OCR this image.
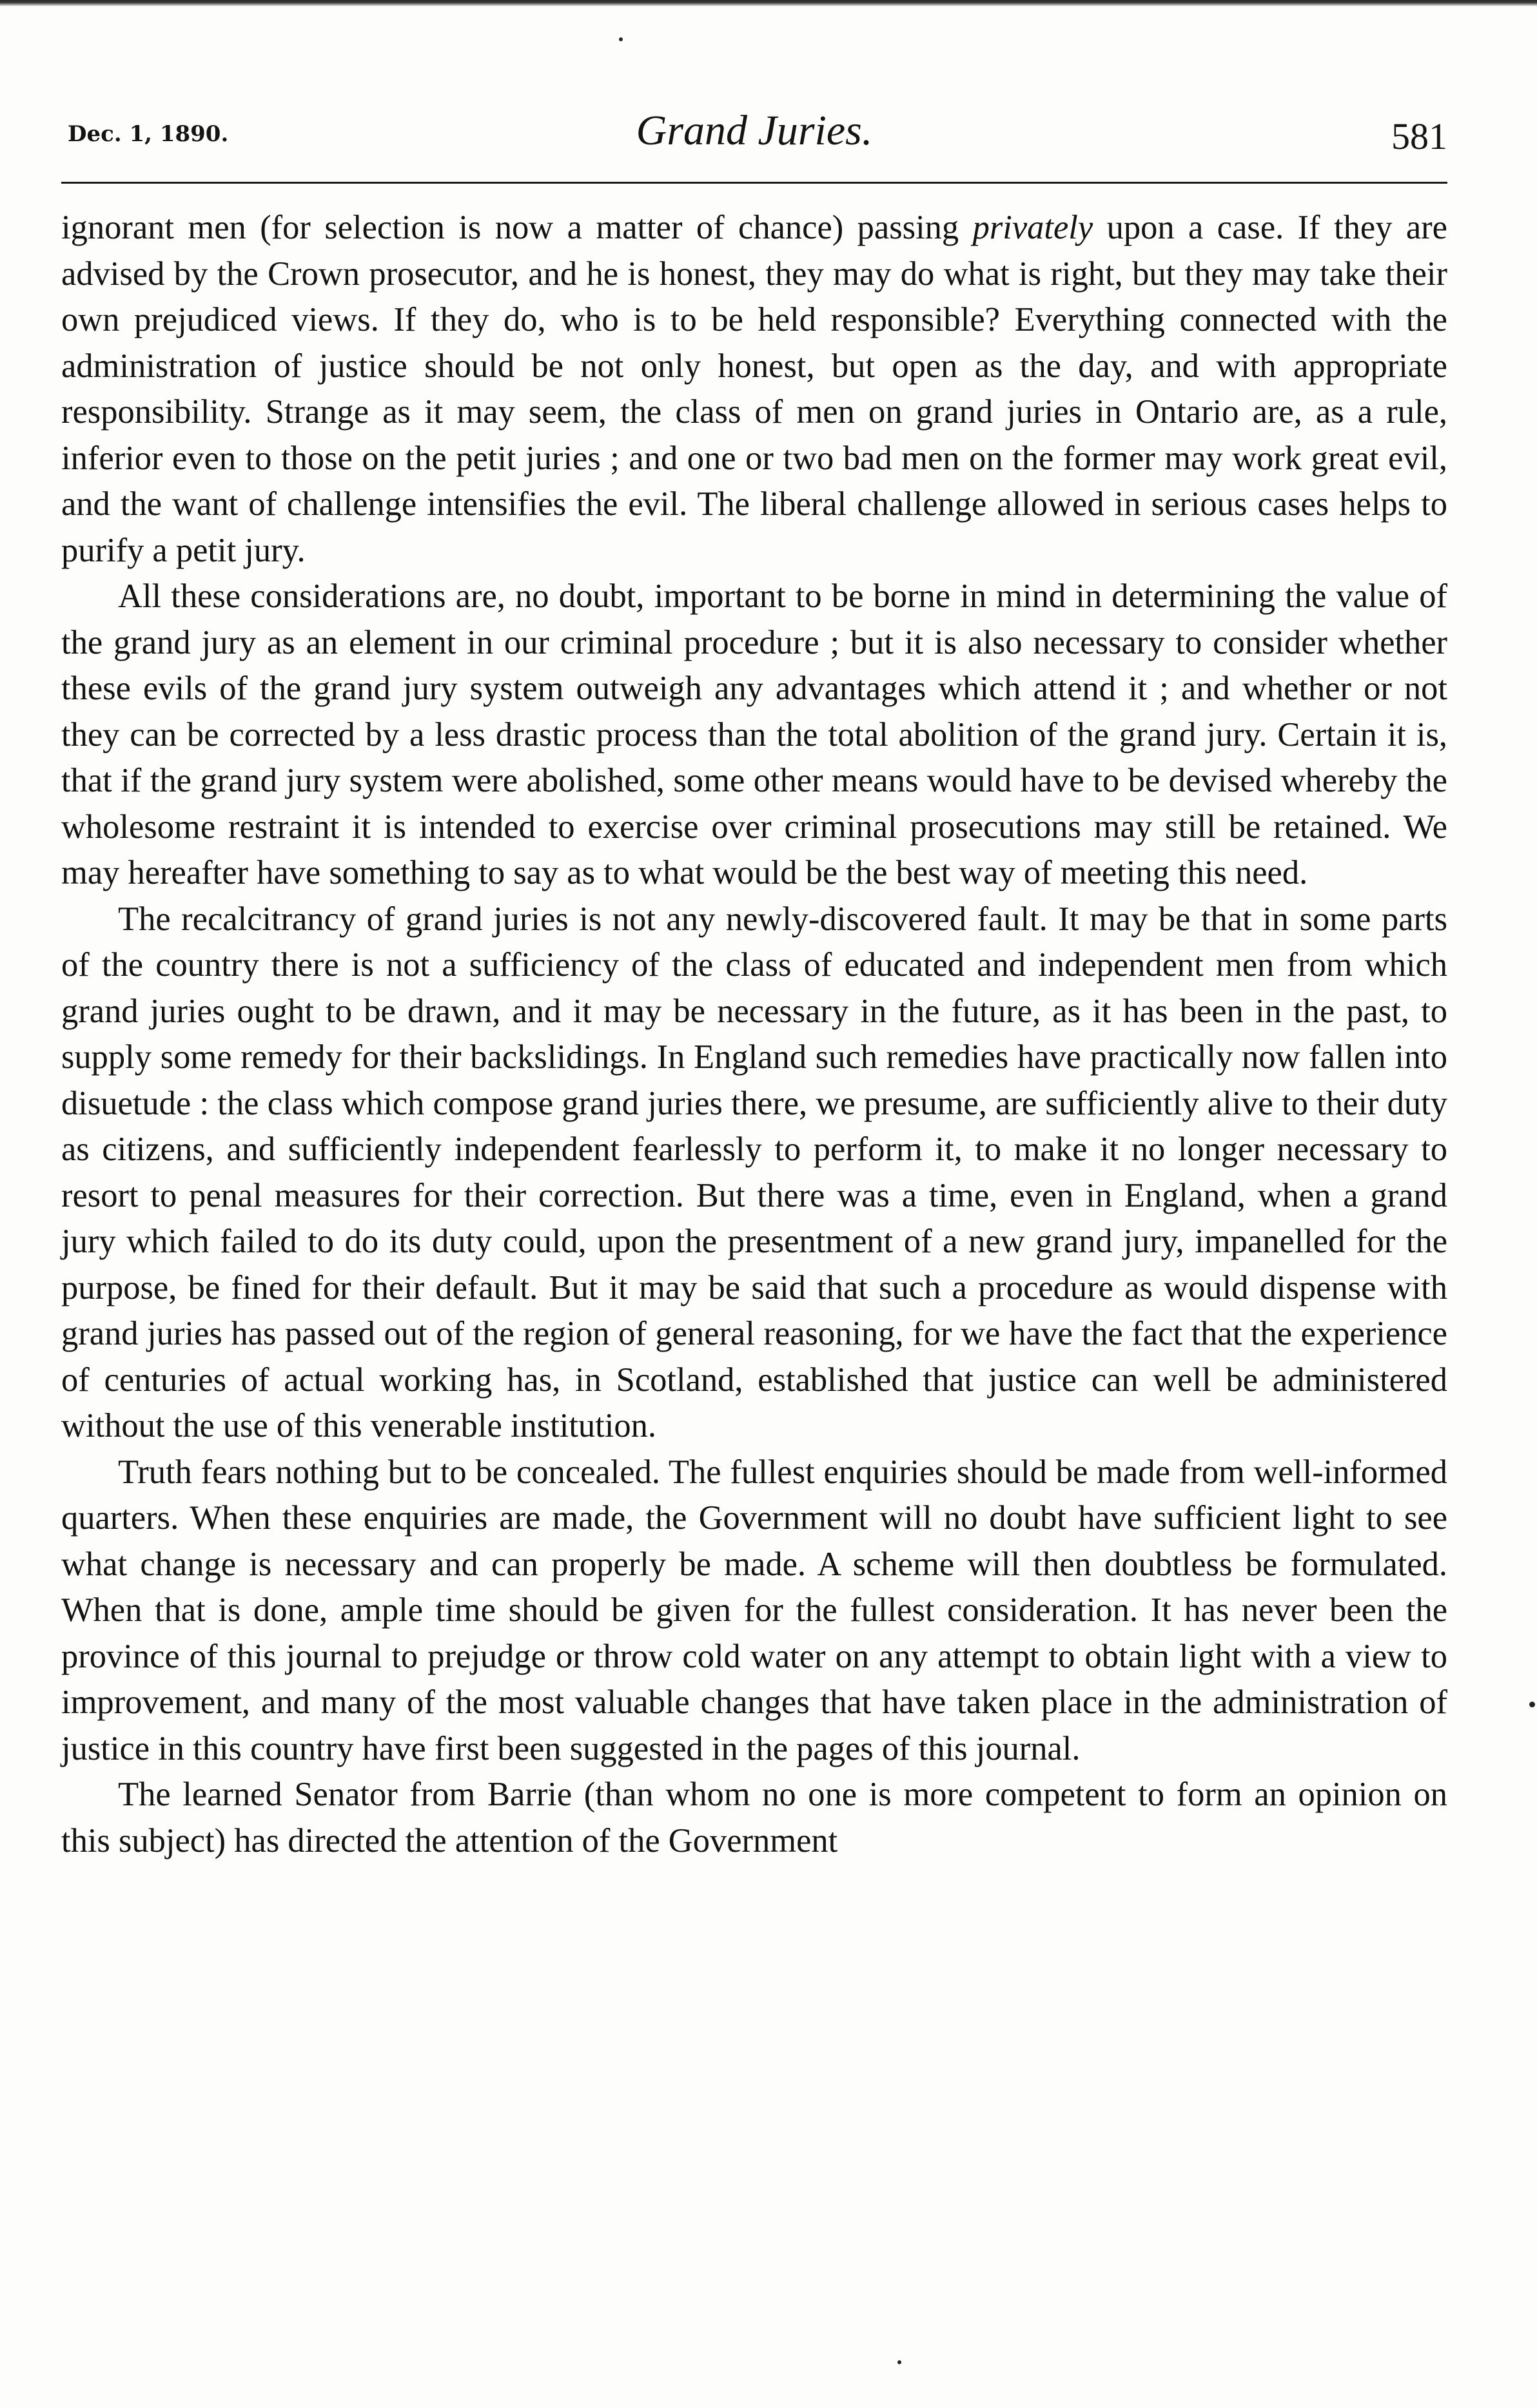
Dec. 1, 1890.	Grand Juries.	581

ignorant men (for selection is now a matter of chance) passing privately upon a case. If they are advised by the Crown prosecutor, and he is honest, they may do what is right, but they may take their own prejudiced views. If they do, who is to be held responsible? Everything connected with the administration of justice should be not only honest, but open as the day, and with appropriate responsibility. Strange as it may seem, the class of men on grand juries in Ontario are, as a rule, inferior even to those on the petit juries ; and one or two bad men on the former may work great evil, and the want of challenge intensifies the evil. The liberal challenge allowed in serious cases helps to purify a petit jury.

All these considerations are, no doubt, important to be borne in mind in determining the value of the grand jury as an element in our criminal procedure ; but it is also necessary to consider whether these evils of the grand jury system outweigh any advantages which attend it ; and whether or not they can be corrected by a less drastic process than the total abolition of the grand jury. Certain it is, that if the grand jury system were abolished, some other means would have to be devised whereby the wholesome restraint it is intended to exercise over criminal prosecutions may still be retained. We may hereafter have something to say as to what would be the best way of meeting this need.

The recalcitrancy of grand juries is not any newly-discovered fault. It may be that in some parts of the country there is not a sufficiency of the class of educated and independent men from which grand juries ought to be drawn, and it may be necessary in the future, as it has been in the past, to supply some remedy for their backslidings. In England such remedies have practically now fallen into disuetude : the class which compose grand juries there, we presume, are sufficiently alive to their duty as citizens, and sufficiently independent fearlessly to perform it, to make it no longer necessary to resort to penal measures for their correction. But there was a time, even in England, when a grand jury which failed to do its duty could, upon the presentment of a new grand jury, impanelled for the purpose, be fined for their default. But it may be said that such a procedure as would dispense with grand juries has passed out of the region of general reasoning, for we have the fact that the experience of centuries of actual working has, in Scotland, established that justice can well be administered without the use of this venerable institution.

Truth fears nothing but to be concealed. The fullest enquiries should be made from well-informed quarters. When these enquiries are made, the Government will no doubt have sufficient light to see what change is necessary and can properly be made. A scheme will then doubtless be formulated. When that is done, ample time should be given for the fullest consideration. It has never been the province of this journal to prejudge or throw cold water on any attempt to obtain light with a view to improvement, and many of the most valuable changes that have taken place in the administration of justice in this country have first been suggested in the pages of this journal.

The learned Senator from Barrie (than whom no one is more competent to form an opinion on this subject) has directed the attention of the Government
